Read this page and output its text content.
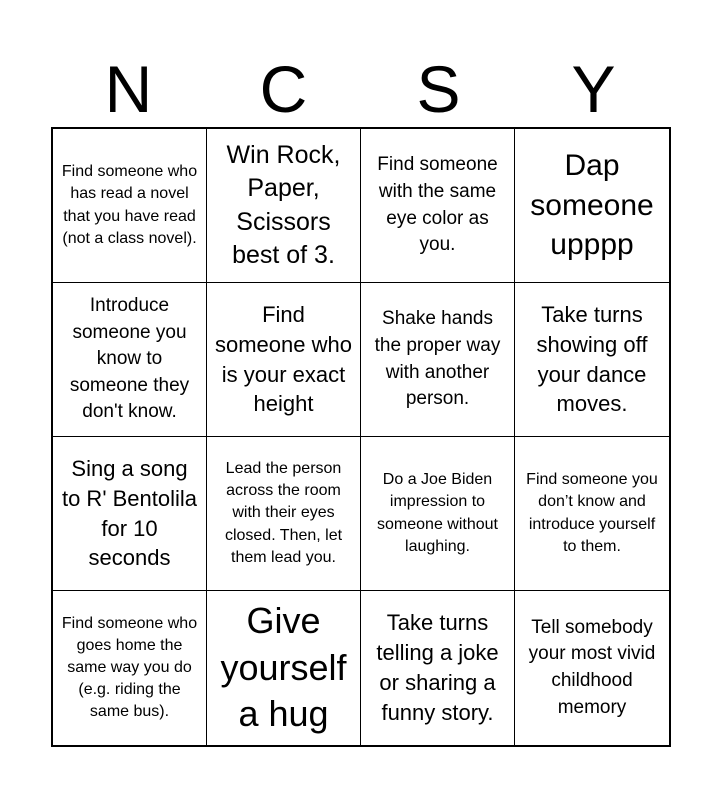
N	C	S	Y
Find someone who has read a novel that you have read (not a class novel).
Win Rock, Paper, Scissors best of 3.
Find someone with the same eye color as you.
Dap someone upppp
Introduce someone you know to someone they don't know.
Find someone who is your exact height
Shake hands the proper way with another person.
Take turns showing off your dance moves.
Sing a song to R' Bentolila for 10 seconds
Lead the person across the room with their eyes closed. Then, let them lead you.
Do a Joe Biden impression to someone without laughing.
Find someone you don’t know and introduce yourself to them.
Find someone who goes home the same way you do (e.g. riding the same bus).
Give yourself a hug
Take turns telling a joke or sharing a funny story.
Tell somebody your most vivid childhood memory
